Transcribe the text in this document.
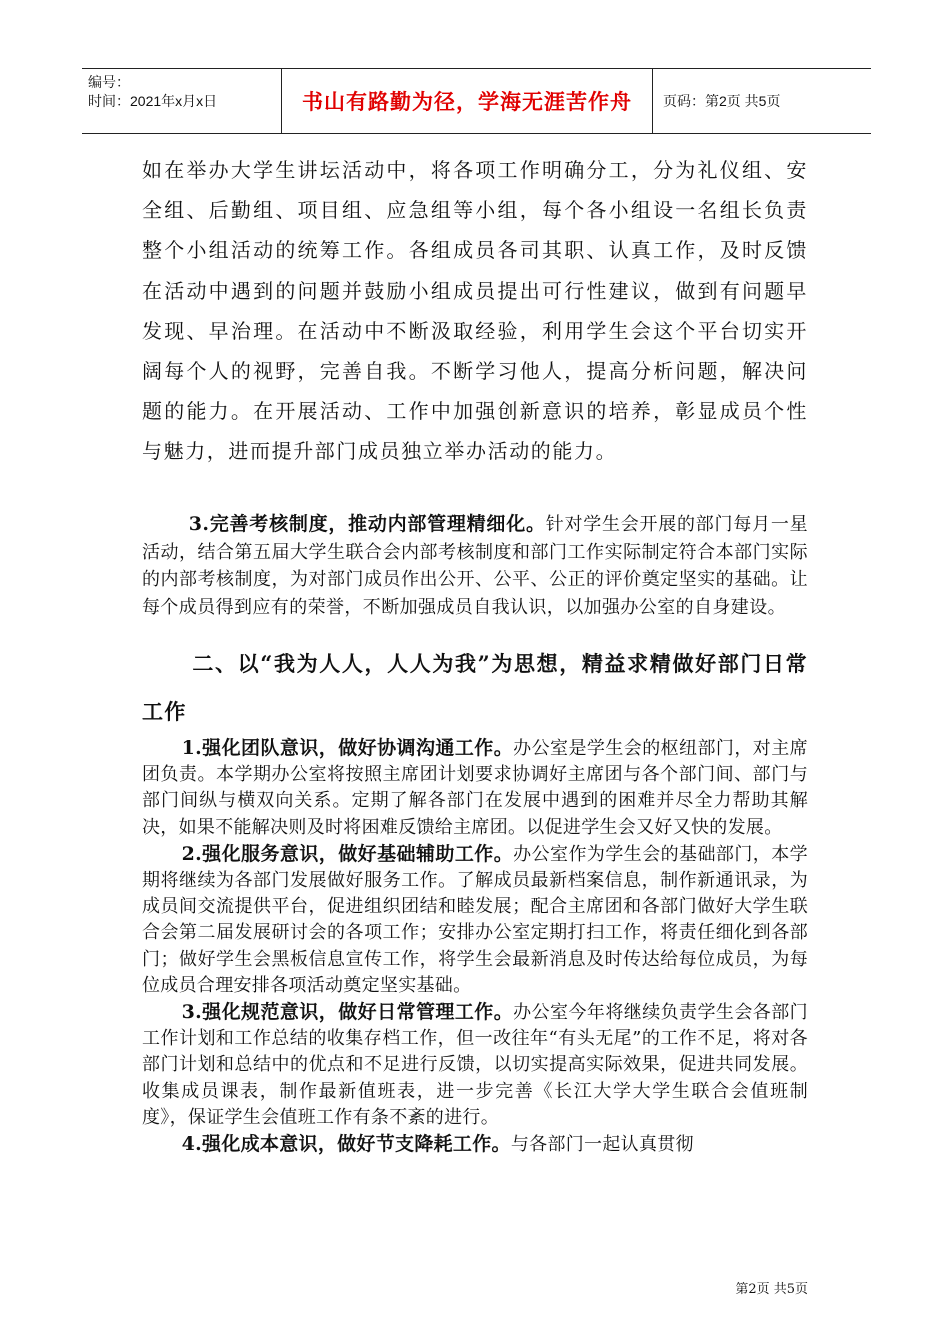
编号：
时间：2021年x月x日	书山有路勤为径，学海无涯苦作舟	页码：第2页 共5页

如在举办大学生讲坛活动中，将各项工作明确分工，分为礼仪组、安全组、后勤组、项目组、应急组等小组，每个各小组设一名组长负责整个小组活动的统筹工作。各组成员各司其职、认真工作，及时反馈在活动中遇到的问题并鼓励小组成员提出可行性建议，做到有问题早发现、早治理。在活动中不断汲取经验，利用学生会这个平台切实开阔每个人的视野，完善自我。不断学习他人，提高分析问题，解决问题的能力。在开展活动、工作中加强创新意识的培养，彰显成员个性与魅力，进而提升部门成员独立举办活动的能力。

3.完善考核制度，推动内部管理精细化。针对学生会开展的部门每月一星活动，结合第五届大学生联合会内部考核制度和部门工作实际制定符合本部门实际的内部考核制度，为对部门成员作出公开、公平、公正的评价奠定坚实的基础。让每个成员得到应有的荣誉，不断加强成员自我认识，以加强办公室的自身建设。

二、以“我为人人，人人为我”为思想，精益求精做好部门日常工作

1.强化团队意识，做好协调沟通工作。办公室是学生会的枢纽部门，对主席团负责。本学期办公室将按照主席团计划要求协调好主席团与各个部门间、部门与部门间纵与横双向关系。定期了解各部门在发展中遇到的困难并尽全力帮助其解决，如果不能解决则及时将困难反馈给主席团。以促进学生会又好又快的发展。

2.强化服务意识，做好基础辅助工作。办公室作为学生会的基础部门，本学期将继续为各部门发展做好服务工作。了解成员最新档案信息，制作新通讯录，为成员间交流提供平台，促进组织团结和睦发展；配合主席团和各部门做好大学生联合会第二届发展研讨会的各项工作；安排办公室定期打扫工作，将责任细化到各部门；做好学生会黑板信息宣传工作，将学生会最新消息及时传达给每位成员，为每位成员合理安排各项活动奠定坚实基础。

3.强化规范意识，做好日常管理工作。办公室今年将继续负责学生会各部门工作计划和工作总结的收集存档工作，但一改往年“有头无尾”的工作不足，将对各部门计划和总结中的优点和不足进行反馈，以切实提高实际效果，促进共同发展。收集成员课表，制作最新值班表，进一步完善《长江大学大学生联合会值班制度》，保证学生会值班工作有条不紊的进行。

4.强化成本意识，做好节支降耗工作。与各部门一起认真贯彻

第2页 共5页
